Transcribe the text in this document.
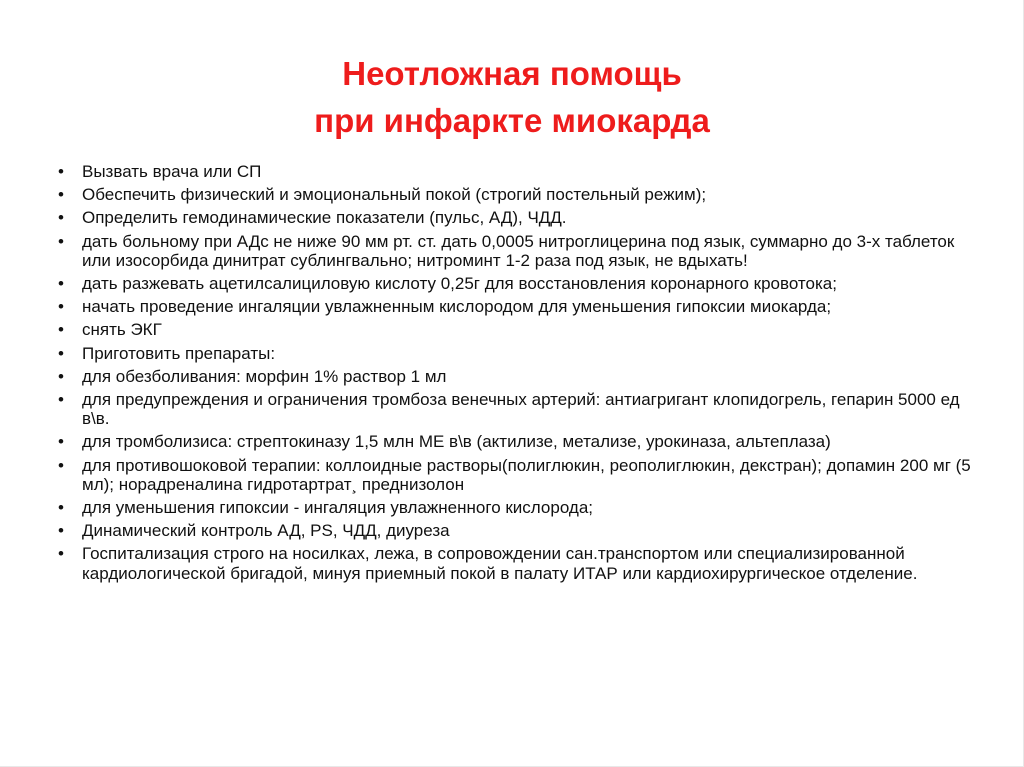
Неотложная помощь
при инфаркте миокарда
• Вызвать врача или СП
• Обеспечить физический и эмоциональный покой (строгий постельный режим);
• Определить гемодинамические показатели (пульс, АД), ЧДД.
• дать больному при АДс не ниже 90 мм рт. ст. дать 0,0005 нитроглицерина под язык, суммарно до 3-х таблеток или изосорбида динитрат сублингвально; нитроминт 1-2 раза под язык, не вдыхать!
• дать разжевать ацетилсалициловую кислоту 0,25г для восстановления коронарного кровотока;
• начать проведение ингаляции увлажненным кислородом для уменьшения гипоксии миокарда;
• снять ЭКГ
• Приготовить препараты:
• для обезболивания: морфин 1% раствор 1 мл
• для предупреждения и ограничения тромбоза венечных артерий: антиагригант клопидогрель, гепарин 5000 ед в\в.
• для тромболизиса: стрептокиназу 1,5 млн МЕ в\в (актилизе, метализе, урокиназа, альтеплаза)
• для противошоковой терапии: коллоидные растворы(полиглюкин, реополиглюкин, декстран); допамин 200 мг (5 мл); норадреналина гидротартрат¸ преднизолон
• для уменьшения гипоксии - ингаляция увлажненного кислорода;
• Динамический контроль АД, PS, ЧДД, диуреза
• Госпитализация строго на носилках, лежа, в сопровождении сан.транспортом или специализированной кардиологической бригадой, минуя приемный покой в палату ИТАР или кардиохирургическое отделение.
